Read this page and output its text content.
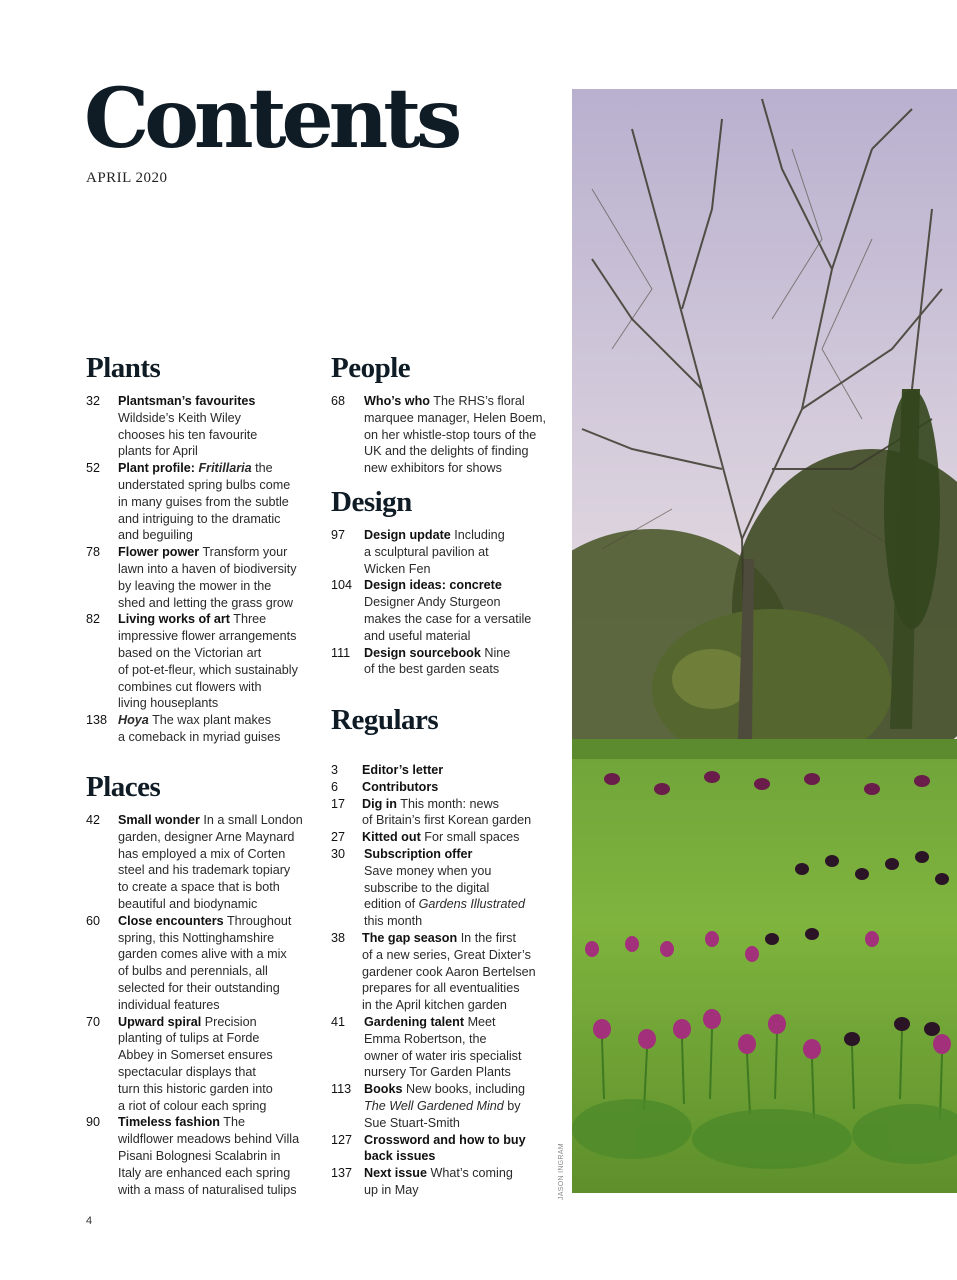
Contents
APRIL 2020
Plants
32	Plantsman’s favourites
Wildside’s Keith Wiley
chooses his ten favourite
plants for April
52	Plant profile: Fritillaria the
understated spring bulbs come
in many guises from the subtle
and intriguing to the dramatic
and beguiling
78	Flower power Transform your
lawn into a haven of biodiversity
by leaving the mower in the
shed and letting the grass grow
82	Living works of art Three
impressive flower arrangements
based on the Victorian art
of pot-et-fleur, which sustainably
combines cut flowers with
living houseplants
138 Hoya The wax plant makes
a comeback in myriad guises
Places
42	Small wonder In a small London
garden, designer Arne Maynard
has employed a mix of Corten
steel and his trademark topiary
to create a space that is both
beautiful and biodynamic
60	Close encounters Throughout
spring, this Nottinghamshire
garden comes alive with a mix
of bulbs and perennials, all
selected for their outstanding
individual features
70	Upward spiral Precision
planting of tulips at Forde
Abbey in Somerset ensures
spectacular displays that
turn this historic garden into
a riot of colour each spring
90	Timeless fashion The
wildflower meadows behind Villa
Pisani Bolognesi Scalabrin in
Italy are enhanced each spring
with a mass of naturalised tulips
People
68	Who’s who The RHS’s floral
marquee manager, Helen Boem,
on her whistle-stop tours of the
UK and the delights of finding
new exhibitors for shows
Design
97	Design update Including
a sculptural pavilion at
Wicken Fen
104 Design ideas: concrete
Designer Andy Sturgeon
makes the case for a versatile
and useful material
111	Design sourcebook Nine
of the best garden seats
Regulars
3	Editor’s letter
6	Contributors
17	Dig in This month: news
of Britain’s first Korean garden
27	Kitted out For small spaces
30	Subscription offer
Save money when you
subscribe to the digital
edition of Gardens Illustrated
this month
38	The gap season In the first
of a new series, Great Dixter’s
gardener cook Aaron Bertelsen
prepares for all eventualities
in the April kitchen garden
41	Gardening talent Meet
Emma Robertson, the
owner of water iris specialist
nursery Tor Garden Plants
113	Books New books, including
The Well Gardened Mind by
Sue Stuart-Smith
127 Crossword and how to buy
back issues
137 Next issue What’s coming
up in May	JASON INGRAM
4
